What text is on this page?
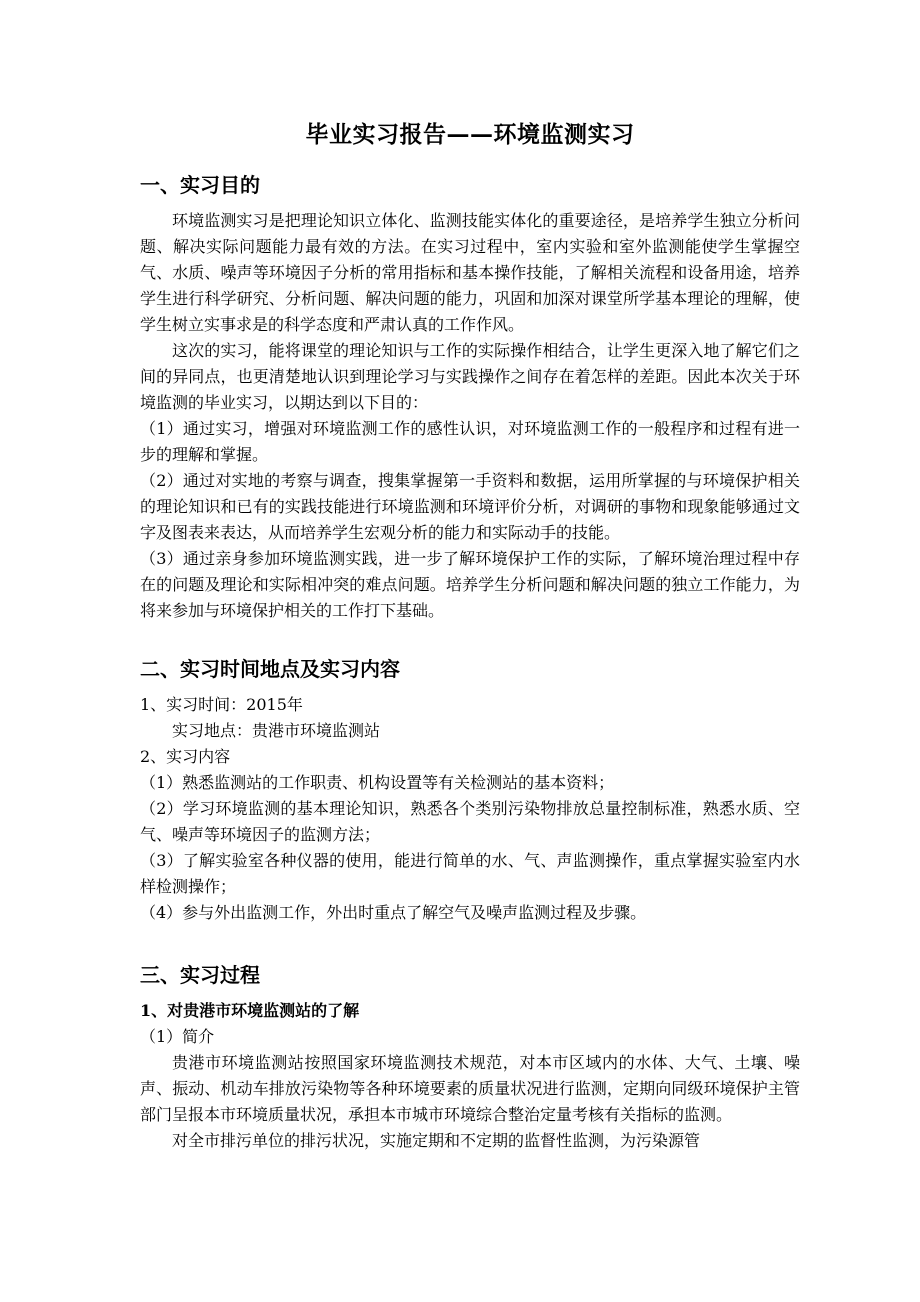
毕业实习报告——环境监测实习
一、实习目的

环境监测实习是把理论知识立体化、监测技能实体化的重要途径，是培养学生独立分析问题、解决实际问题能力最有效的方法。在实习过程中，室内实验和室外监测能使学生掌握空气、水质、噪声等环境因子分析的常用指标和基本操作技能，了解相关流程和设备用途，培养学生进行科学研究、分析问题、解决问题的能力，巩固和加深对课堂所学基本理论的理解，使学生树立实事求是的科学态度和严肃认真的工作作风。

这次的实习，能将课堂的理论知识与工作的实际操作相结合，让学生更深入地了解它们之间的异同点，也更清楚地认识到理论学习与实践操作之间存在着怎样的差距。因此本次关于环境监测的毕业实习，以期达到以下目的：

（1）通过实习，增强对环境监测工作的感性认识，对环境监测工作的一般程序和过程有进一步的理解和掌握。

（2）通过对实地的考察与调查，搜集掌握第一手资料和数据，运用所掌握的与环境保护相关的理论知识和已有的实践技能进行环境监测和环境评价分析，对调研的事物和现象能够通过文字及图表来表达，从而培养学生宏观分析的能力和实际动手的技能。

（3）通过亲身参加环境监测实践，进一步了解环境保护工作的实际，了解环境治理过程中存在的问题及理论和实际相冲突的难点问题。培养学生分析问题和解决问题的独立工作能力，为将来参加与环境保护相关的工作打下基础。

二、实习时间地点及实习内容

1、实习时间：2015年

实习地点：贵港市环境监测站

2、实习内容

（1）熟悉监测站的工作职责、机构设置等有关检测站的基本资料；

（2）学习环境监测的基本理论知识，熟悉各个类别污染物排放总量控制标准，熟悉水质、空气、噪声等环境因子的监测方法；

（3）了解实验室各种仪器的使用，能进行简单的水、气、声监测操作，重点掌握实验室内水样检测操作；

（4）参与外出监测工作，外出时重点了解空气及噪声监测过程及步骤。

三、实习过程
1、对贵港市环境监测站的了解

（1）简介

贵港市环境监测站按照国家环境监测技术规范，对本市区域内的水体、大气、土壤、噪声、振动、机动车排放污染物等各种环境要素的质量状况进行监测，定期向同级环境保护主管部门呈报本市环境质量状况，承担本市城市环境综合整治定量考核有关指标的监测。

对全市排污单位的排污状况，实施定期和不定期的监督性监测，为污染源管
